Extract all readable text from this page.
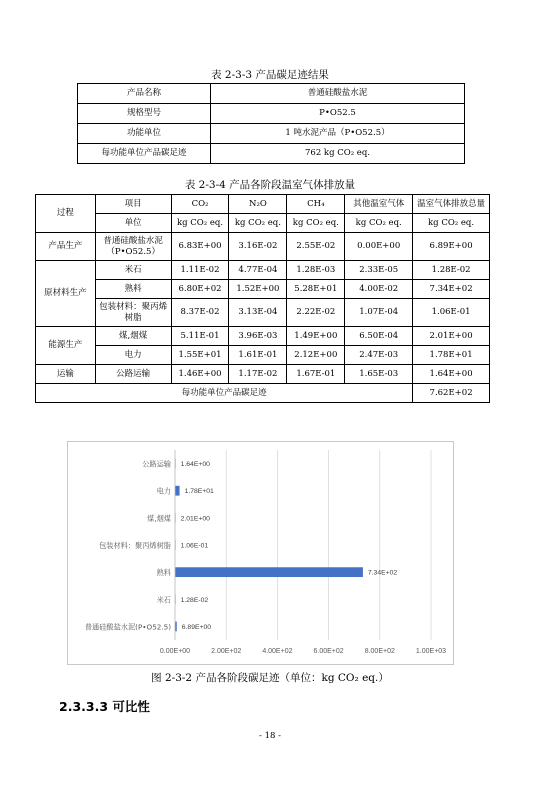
表 2-3-3 产品碳足迹结果
产品名称	普通硅酸盐水泥
规格型号	P•O52.5
功能单位	1 吨水泥产品（P•O52.5）
每功能单位产品碳足迹	762 kg CO₂ eq.
表 2-3-4 产品各阶段温室气体排放量
过程	项目	CO₂	N₂O	CH₄	其他温室气体	温室气体排放总量
	单位	kg CO₂ eq.	kg CO₂ eq.	kg CO₂ eq.	kg CO₂ eq.	kg CO₂ eq.
产品生产	普通硅酸盐水泥（P•O52.5）	6.83E+00	3.16E-02	2.55E-02	0.00E+00	6.89E+00
原材料生产	米石	1.11E-02	4.77E-04	1.28E-03	2.33E-05	1.28E-02
	熟料	6.80E+02	1.52E+00	5.28E+01	4.00E-02	7.34E+02
	包装材料：聚丙烯树脂	8.37E-02	3.13E-04	2.22E-02	1.07E-04	1.06E-01
能源生产	煤,烟煤	5.11E-01	3.96E-03	1.49E+00	6.50E-04	2.01E+00
	电力	1.55E+01	1.61E-01	2.12E+00	2.47E-03	1.78E+01
运输	公路运输	1.46E+00	1.17E-02	1.67E-01	1.65E-03	1.64E+00
每功能单位产品碳足迹						7.62E+02
0.00E+00	2.00E+02	4.00E+02	6.00E+02	8.00E+02	1.00E+03
公路运输 1.64E+00
电力 1.78E+01
煤,烟煤 2.01E+00
包装材料：聚丙烯树脂 1.06E-01
熟料	7.34E+02
米石 1.28E-02
普通硅酸盐水泥(P•O52.5) 6.89E+00
图 2-3-2 产品各阶段碳足迹（单位：kg CO₂ eq.）
2.3.3.3 可比性
- 18 -
